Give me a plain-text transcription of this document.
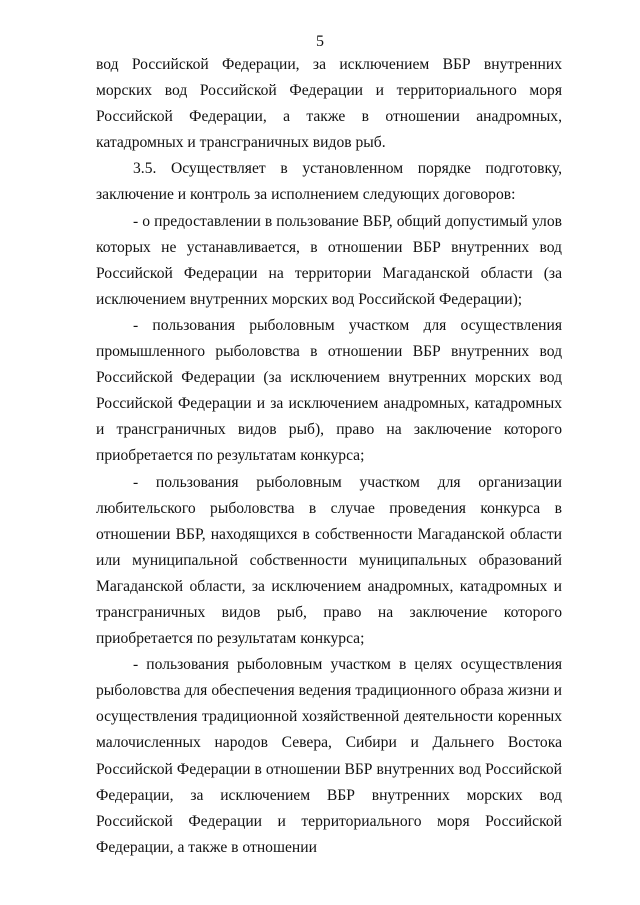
5

вод Российской Федерации, за исключением ВБР внутренних морских вод Российской Федерации и территориального моря Российской Федерации, а также в отношении анадромных, катадромных и трансграничных видов рыб.

3.5. Осуществляет в установленном порядке подготовку, заключение и контроль за исполнением следующих договоров:

- о предоставлении в пользование ВБР, общий допустимый улов которых не устанавливается, в отношении ВБР внутренних вод Российской Федерации на территории Магаданской области (за исключением внутренних морских вод Российской Федерации);

- пользования рыболовным участком для осуществления промышленного рыболовства в отношении ВБР внутренних вод Российской Федерации (за исключением внутренних морских вод Российской Федерации и за исключением анадромных, катадромных и трансграничных видов рыб), право на заключение которого приобретается по результатам конкурса;

- пользования рыболовным участком для организации любительского рыболовства в случае проведения конкурса в отношении ВБР, находящихся в собственности Магаданской области или муниципальной собственности муниципальных образований Магаданской области, за исключением анадромных, катадромных и трансграничных видов рыб, право на заключение которого приобретается по результатам конкурса;

- пользования рыболовным участком в целях осуществления рыболовства для обеспечения ведения традиционного образа жизни и осуществления традиционной хозяйственной деятельности коренных малочисленных народов Севера, Сибири и Дальнего Востока Российской Федерации в отношении ВБР внутренних вод Российской Федерации, за исключением ВБР внутренних морских вод Российской Федерации и территориального моря Российской Федерации, а также в отношении
